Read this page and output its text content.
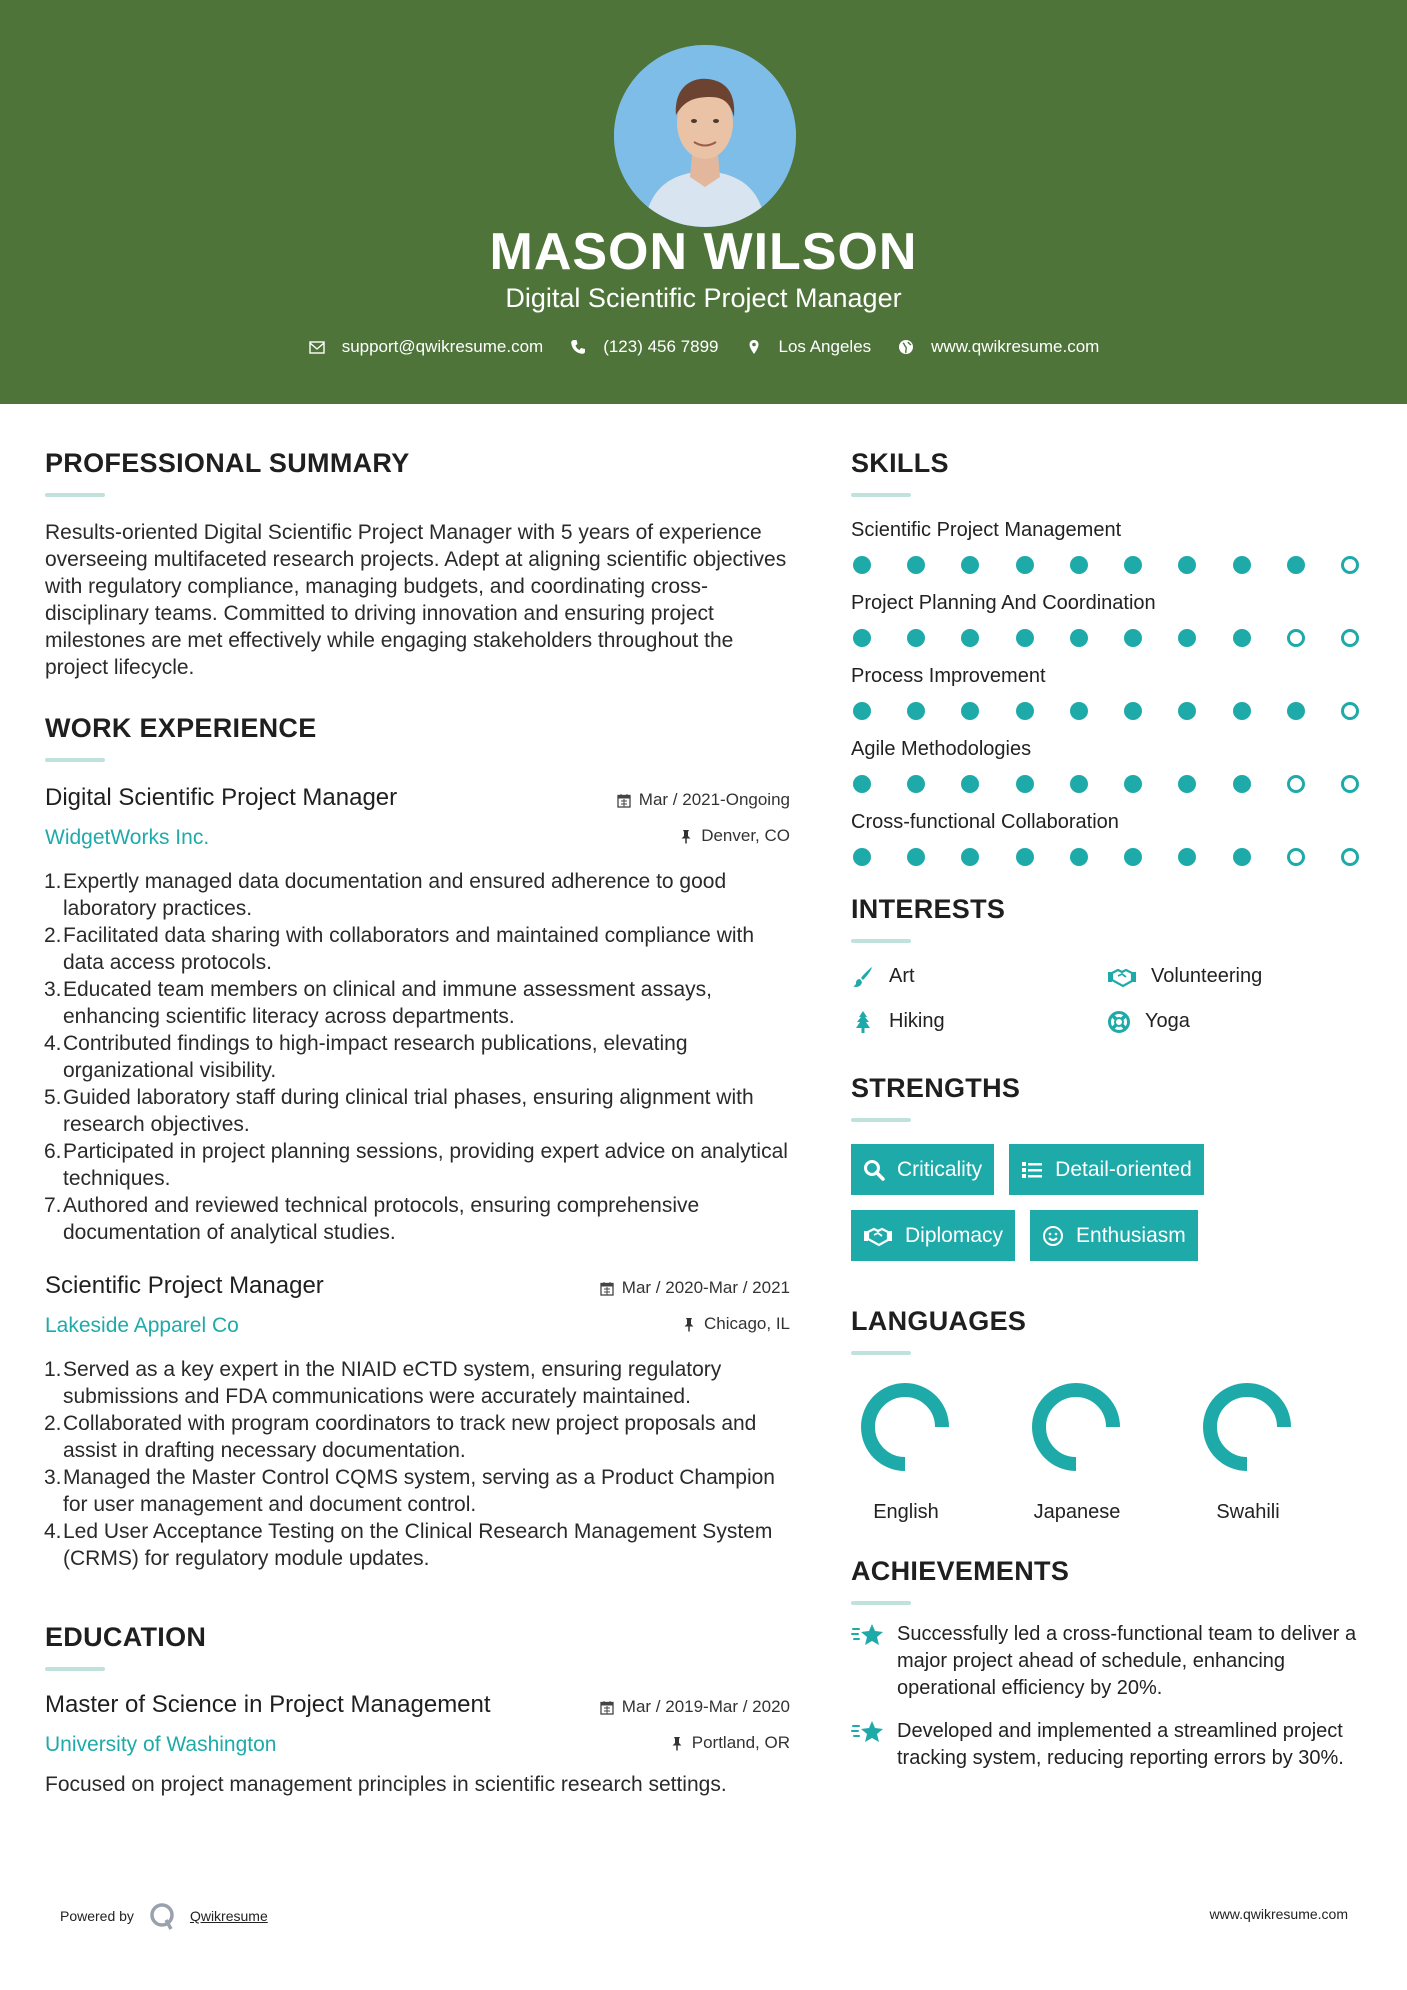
MASON WILSON
Digital Scientific Project Manager
support@qwikresume.com	(123) 456 7899	Los Angeles	www.qwikresume.com
PROFESSIONAL SUMMARY

Results-oriented Digital Scientific Project Manager with 5 years of experience overseeing multifaceted research projects. Adept at aligning scientific objectives with regulatory compliance, managing budgets, and coordinating cross-disciplinary teams. Committed to driving innovation and ensuring project milestones are met effectively while engaging stakeholders throughout the project lifecycle.

WORK EXPERIENCE
Digital Scientific Project Manager
WidgetWorks Inc.
Mar / 2021-Ongoing
Denver, CO
1. Expertly managed data documentation and ensured adherence to good laboratory practices.
2. Facilitated data sharing with collaborators and maintained compliance with data access protocols.
3. Educated team members on clinical and immune assessment assays, enhancing scientific literacy across departments.
4. Contributed findings to high-impact research publications, elevating organizational visibility.
5. Guided laboratory staff during clinical trial phases, ensuring alignment with research objectives.
6. Participated in project planning sessions, providing expert advice on analytical techniques.
7. Authored and reviewed technical protocols, ensuring comprehensive documentation of analytical studies.
Scientific Project Manager
Lakeside Apparel Co
Mar / 2020-Mar / 2021
Chicago, IL
1. Served as a key expert in the NIAID eCTD system, ensuring regulatory submissions and FDA communications were accurately maintained.
2. Collaborated with program coordinators to track new project proposals and assist in drafting necessary documentation.
3. Managed the Master Control CQMS system, serving as a Product Champion for user management and document control.
4. Led User Acceptance Testing on the Clinical Research Management System (CRMS) for regulatory module updates.
EDUCATION
Master of Science in Project Management
University of Washington
Mar / 2019-Mar / 2020
Portland, OR

Focused on project management principles in scientific research settings.

SKILLS
Scientific Project Management
Project Planning And Coordination
Process Improvement
Agile Methodologies
Cross-functional Collaboration
INTERESTS
Art	Volunteering
Hiking	Yoga
STRENGTHS
Criticality	Detail-oriented
Diplomacy	Enthusiasm
LANGUAGES
English	Japanese	Swahili
ACHIEVEMENTS
Successfully led a cross-functional team to deliver a major project ahead of schedule, enhancing operational efficiency by 20%.
Developed and implemented a streamlined project tracking system, reducing reporting errors by 30%.
Powered by	Qwikresume	www.qwikresume.com
